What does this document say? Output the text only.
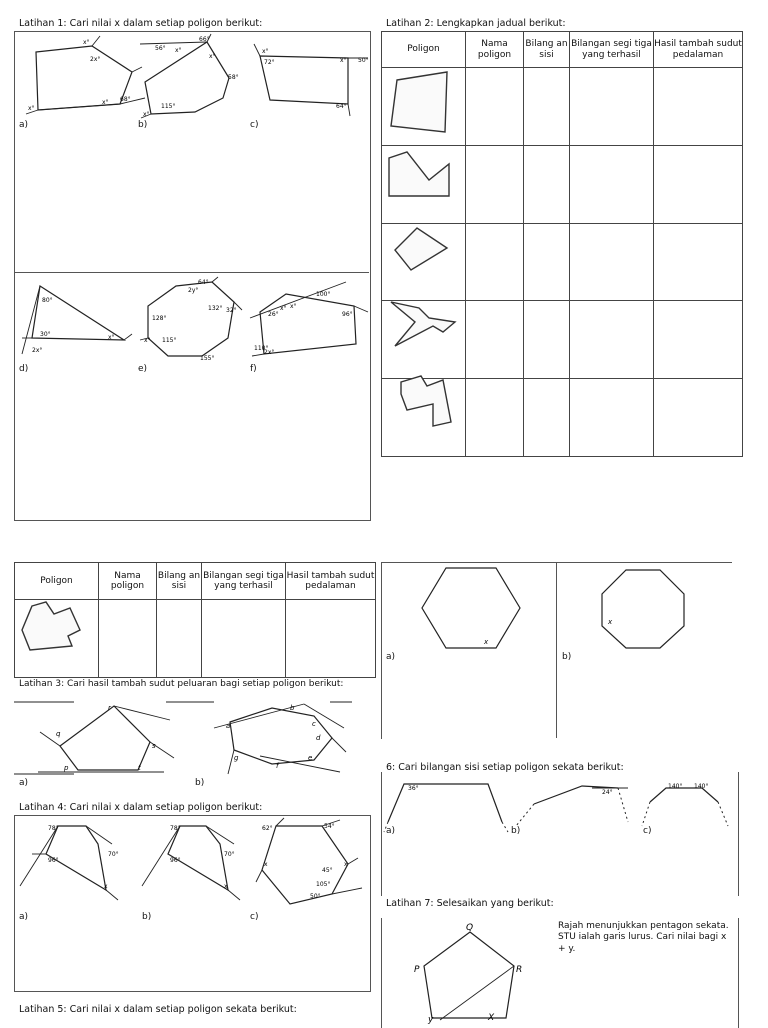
Latihan 1: Cari nilai x dalam setiap poligon berikut:
x°
2x°
x°
x° 68°
a)
66°
56° x°
x°
58°
115°
x°
b)
x°
72°	x° 50°
64°
c)
80°
30°
2x°
x°
d)
64°
2y°
132° 32°
128°
x° 115°
155°
e)
100°
26°
x° x°
96°
110°
2x°
f)
Latihan 2: Lengkapkan jadual berikut:
Poligon	Nama poligon	Bilang an sisi	Bilangan segi tiga yang terhasil	Hasil tambah sudut pedalaman

Poligon	Nama poligon	Bilang an sisi	Bilangan segi tiga yang terhasil	Hasil tambah sudut pedalaman

Latihan 3: Cari hasil tambah sudut peluaran bagi setiap poligon berikut:
r
q
s
p	t
a
b
c
d
e
f
g
a)	b)
Latihan 4: Cari nilai x dalam setiap poligon berikut:
78°
96°
70°
x
a)
78°
96°
70°
x
b)
62°	54°
x
45°
x
105°
50°
c)
Latihan 5: Cari nilai x dalam setiap poligon sekata berikut:
x
x
a)	b)
6: Cari bilangan sisi setiap poligon sekata berikut:
36°
24°
140° 140°
a)	b)	c)
Latihan 7: Selesaikan yang berikut:
Q
P	R
y	X
Rajah menunjukkan pentagon sekata. STU ialah garis lurus. Cari nilai bagi x + y.
